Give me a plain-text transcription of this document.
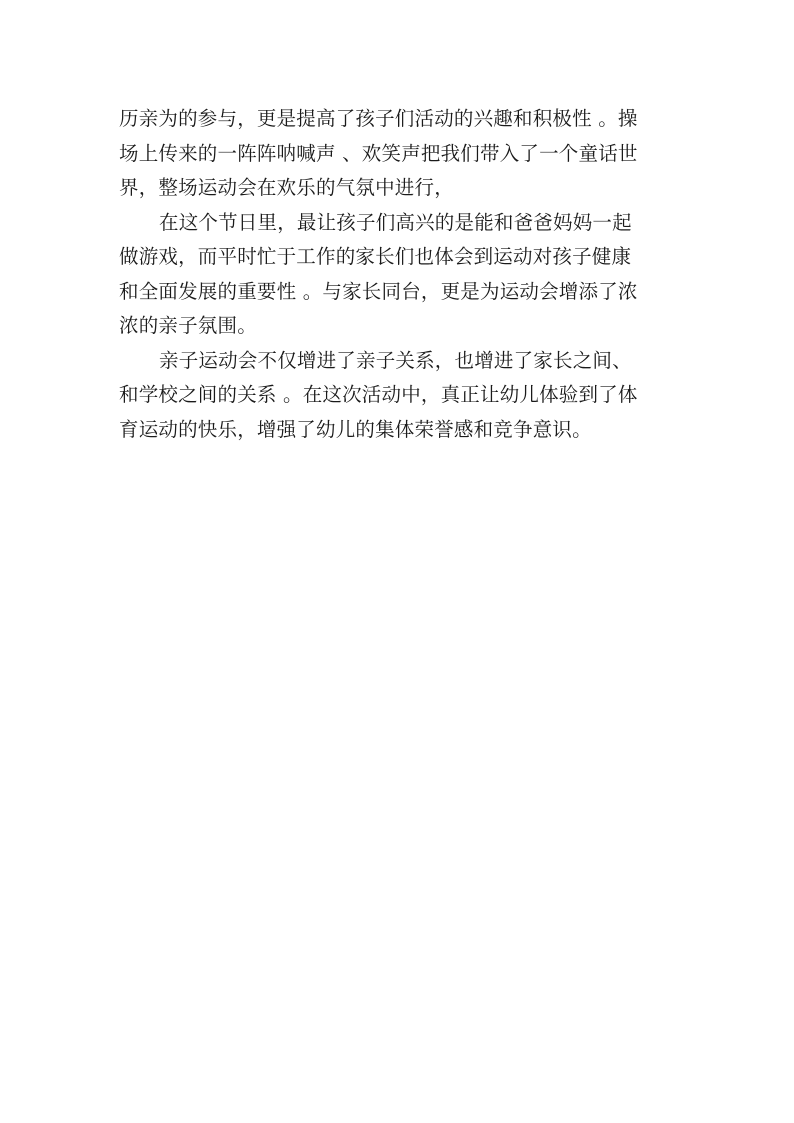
历亲为的参与，更是提高了孩子们活动的兴趣和积极性 。操
场上传来的一阵阵呐喊声 、欢笑声把我们带入了一个童话世
界，整场运动会在欢乐的气氛中进行，
在这个节日里，最让孩子们高兴的是能和爸爸妈妈一起
做游戏，而平时忙于工作的家长们也体会到运动对孩子健康
和全面发展的重要性 。与家长同台，更是为运动会增添了浓
浓的亲子氛围。
亲子运动会不仅增进了亲子关系，也增进了家长之间、
和学校之间的关系 。在这次活动中，真正让幼儿体验到了体
育运动的快乐，增强了幼儿的集体荣誉感和竞争意识。
